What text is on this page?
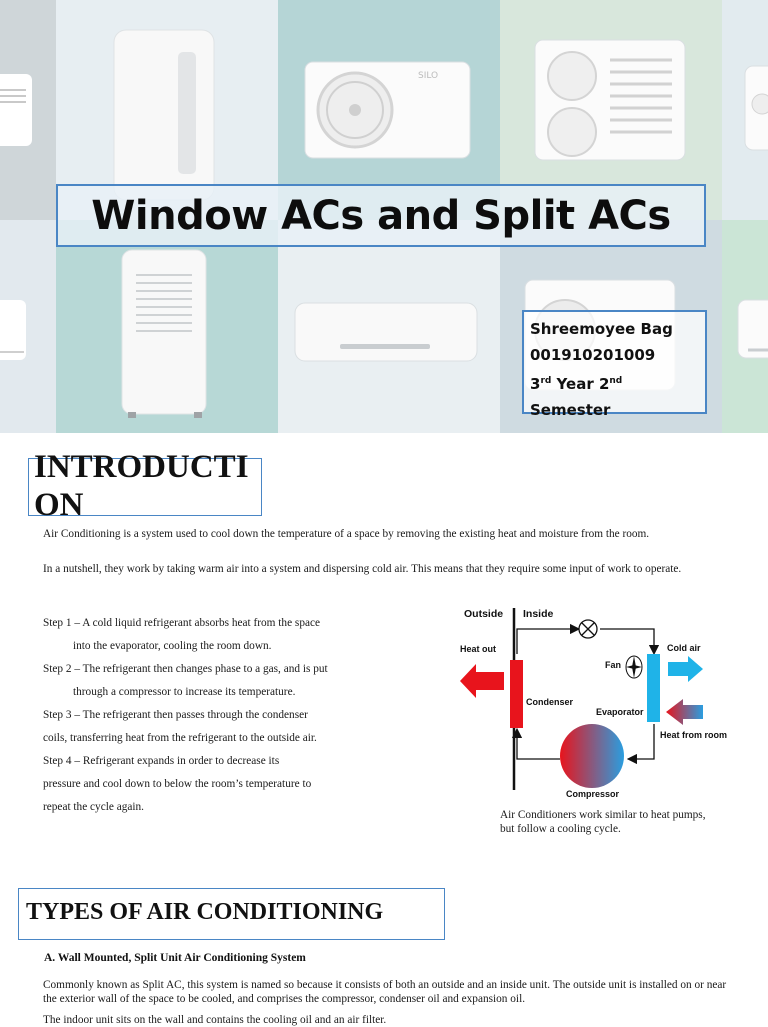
SILO
Window ACs and Split ACs
Shreemoyee Bag
001910201009
3rd Year 2nd Semester
INTRODUCTION
Air Conditioning is a system used to cool down the temperature of a space by removing the existing heat and moisture from the room.
In a nutshell, they work by taking warm air into a system and dispersing cold air. This means that they require some input of work to operate.
Step 1 – A cold liquid refrigerant absorbs heat from the space
into the evaporator, cooling the room down.
Step 2 – The refrigerant then changes phase to a gas, and is put
through a compressor to increase its temperature.
Step 3 – The refrigerant then passes through the condenser
coils, transferring heat from the refrigerant to the outside air.
Step 4 – Refrigerant expands in order to decrease its
pressure and cool down to below the room’s temperature to
repeat the cycle again.
Outside Inside
Condenser
Heat out
Evaporator
Fan
Cold air
Heat from room
Compressor
Air Conditioners work similar to heat pumps,
but follow a cooling cycle.
TYPES OF AIR CONDITIONING
A. Wall Mounted, Split Unit Air Conditioning System
Commonly known as Split AC, this system is named so because it consists of both an outside and an inside unit. The outside unit is installed on or near the exterior wall of the space to be cooled, and comprises the compressor, condenser oil and expansion oil.
The indoor unit sits on the wall and contains the cooling oil and an air filter.
